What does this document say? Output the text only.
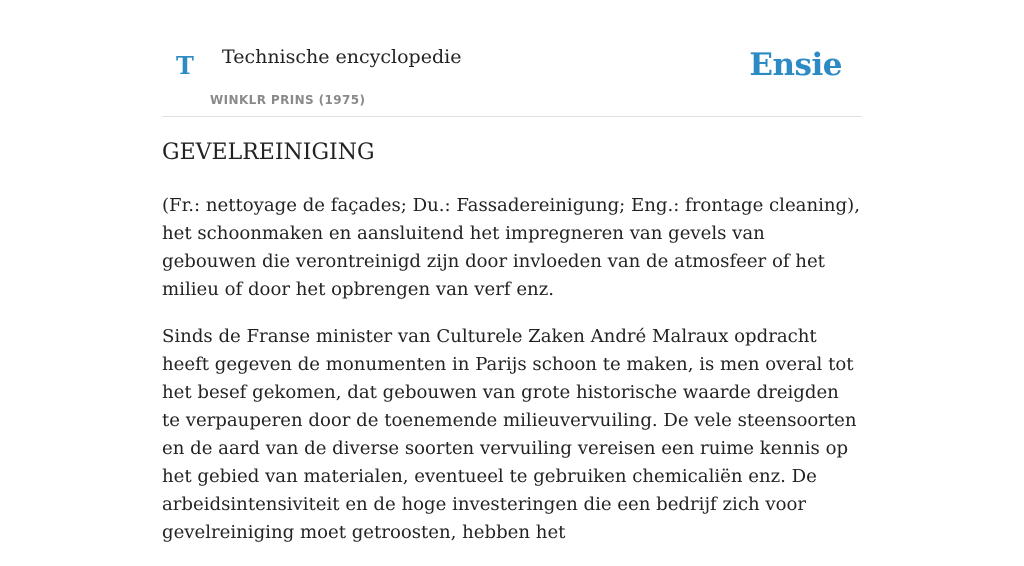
T Technische encyclopedie
WINKLR PRINS (1975)
Ensie
GEVELREINIGING

(Fr.: nettoyage de façades; Du.: Fassadereinigung; Eng.: frontage cleaning), het schoonmaken en aansluitend het impregneren van gevels van gebouwen die verontreinigd zijn door invloeden van de atmosfeer of het milieu of door het opbrengen van verf enz.

Sinds de Franse minister van Culturele Zaken André Malraux opdracht heeft gegeven de monumenten in Parijs schoon te maken, is men overal tot het besef gekomen, dat gebouwen van grote historische waarde dreigden te verpauperen door de toenemende milieuvervuiling. De vele steensoorten en de aard van de diverse soorten vervuiling vereisen een ruime kennis op het gebied van materialen, eventueel te gebruiken chemicaliën enz. De arbeidsintensiviteit en de hoge investeringen die een bedrijf zich voor gevelreiniging moet getroosten, hebben het
